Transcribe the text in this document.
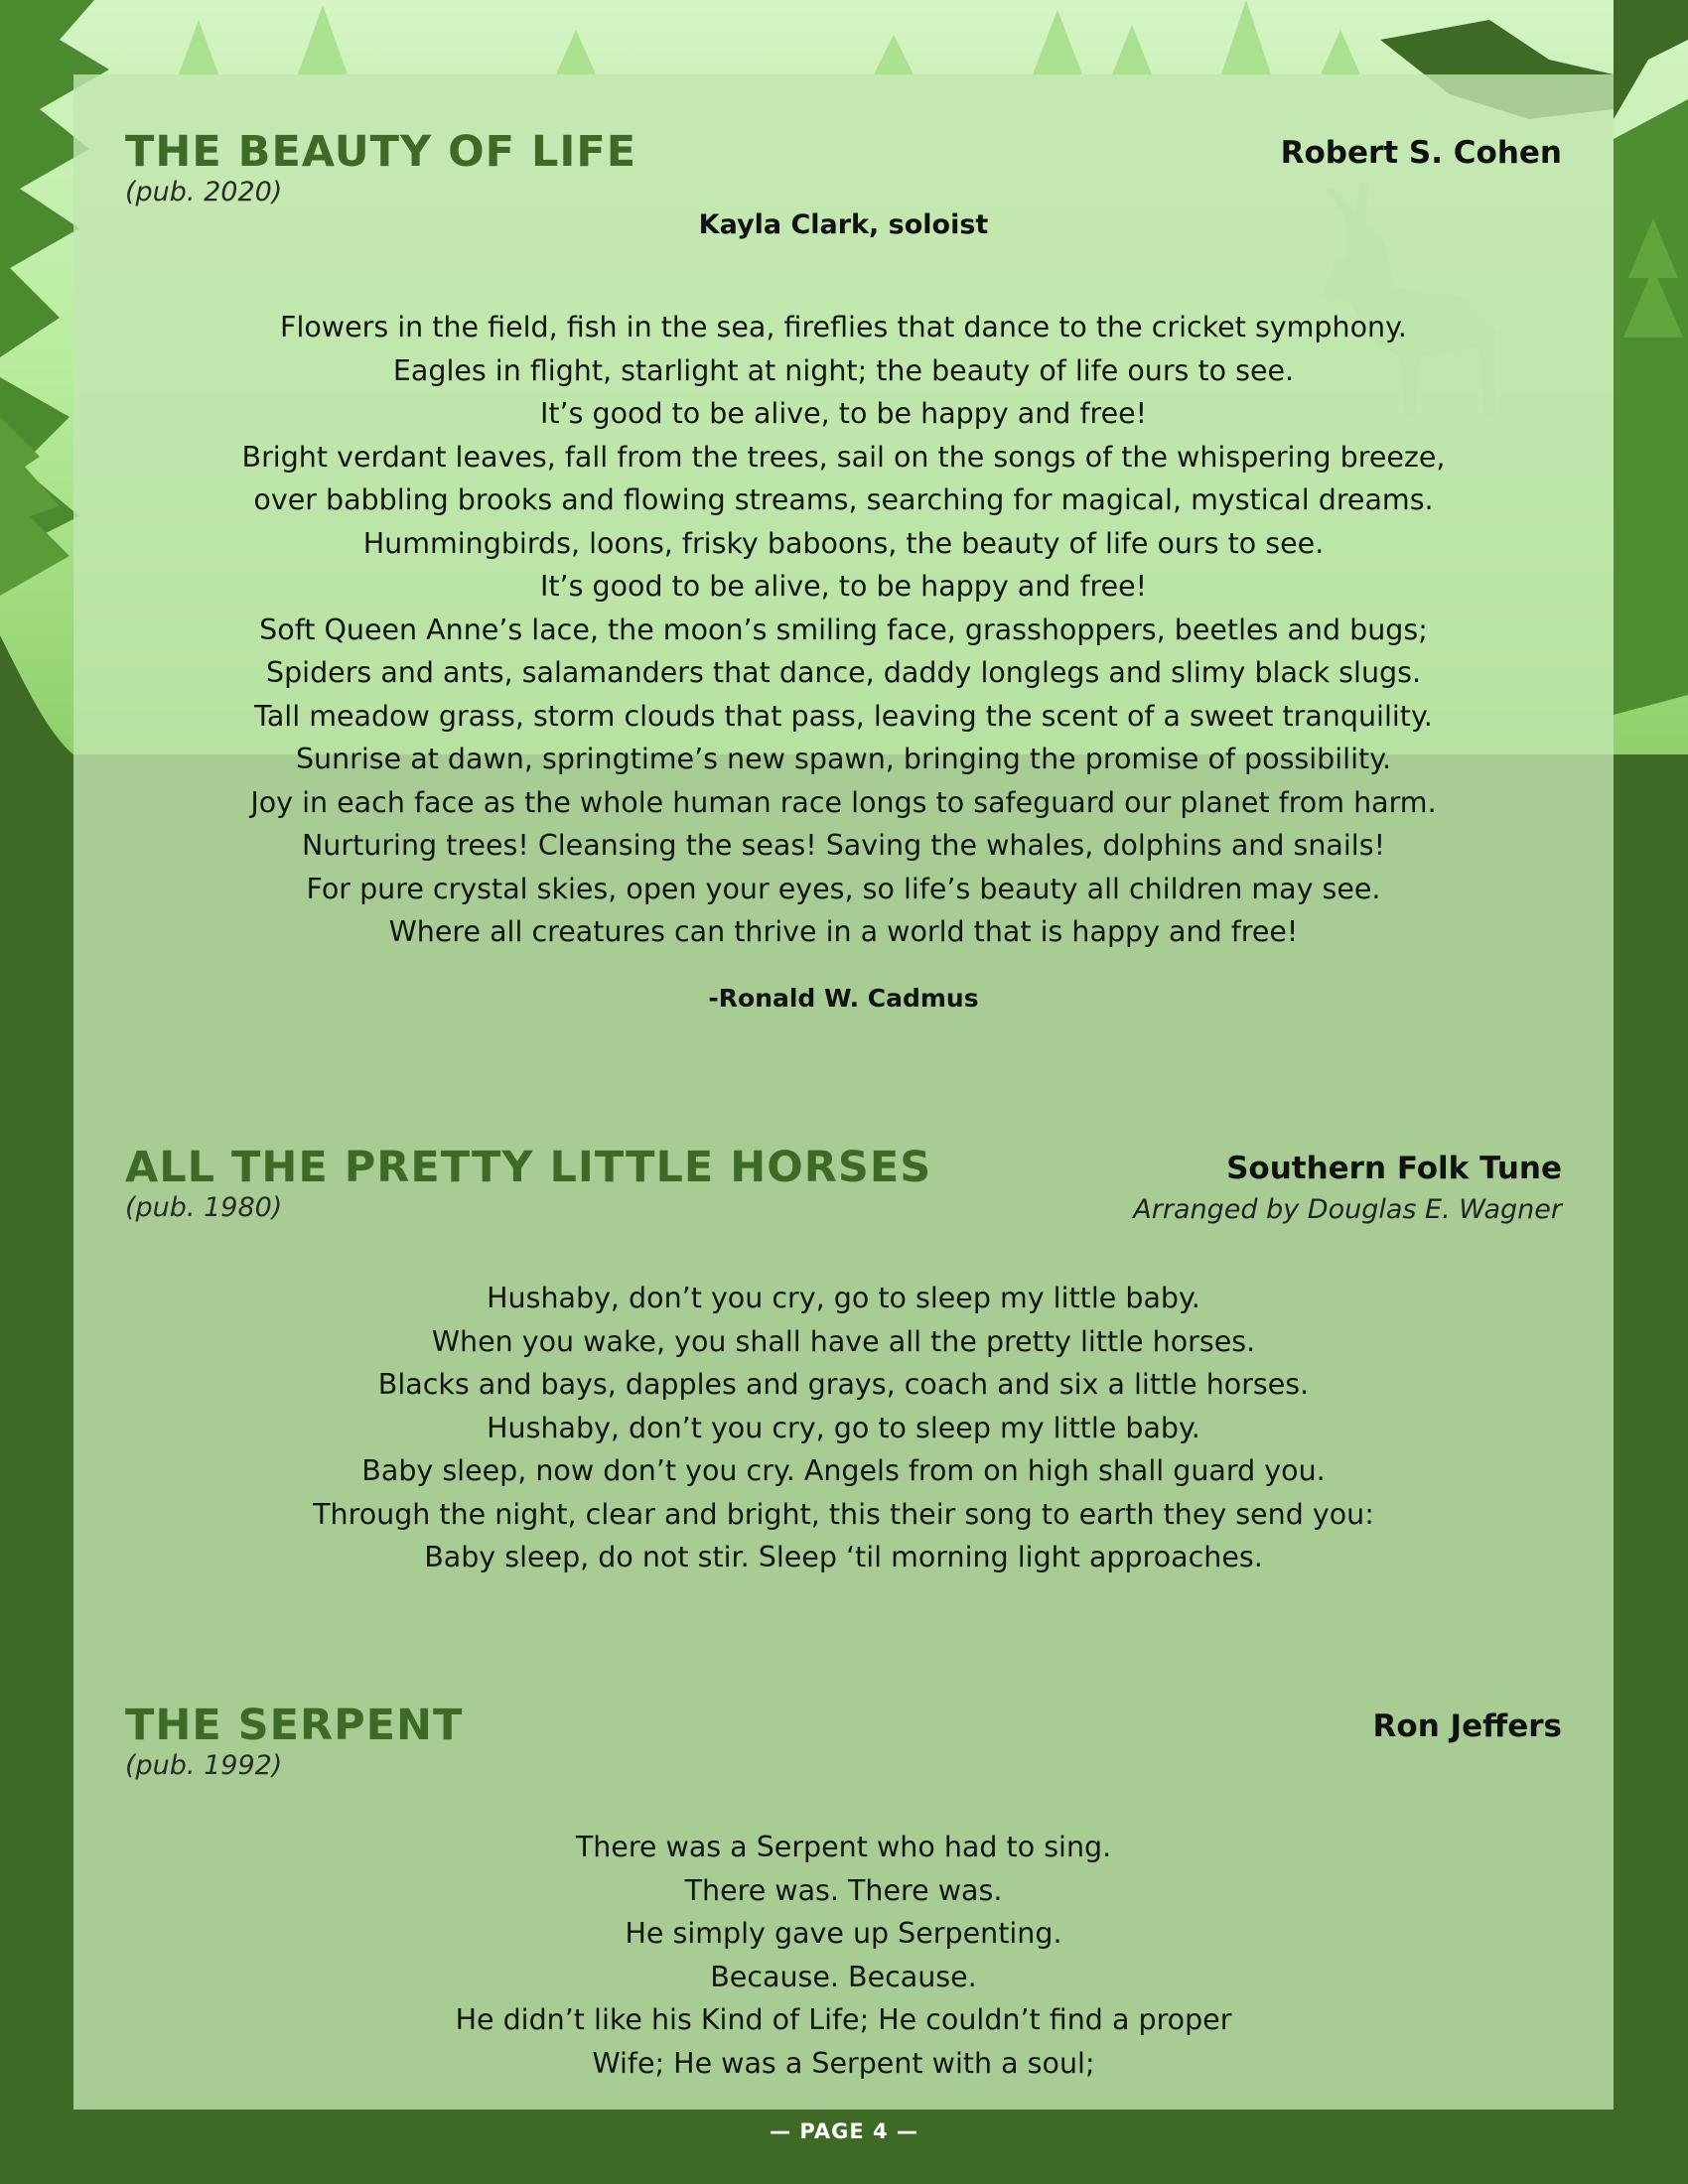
THE BEAUTY OF LIFE
(pub. 2020)
Robert S. Cohen
Kayla Clark, soloist
Flowers in the field, fish in the sea, fireflies that dance to the cricket symphony.
Eagles in flight, starlight at night; the beauty of life ours to see.
It’s good to be alive, to be happy and free!
Bright verdant leaves, fall from the trees, sail on the songs of the whispering breeze,
over babbling brooks and flowing streams, searching for magical, mystical dreams.
Hummingbirds, loons, frisky baboons, the beauty of life ours to see.
It’s good to be alive, to be happy and free!
Soft Queen Anne’s lace, the moon’s smiling face, grasshoppers, beetles and bugs;
Spiders and ants, salamanders that dance, daddy longlegs and slimy black slugs.
Tall meadow grass, storm clouds that pass, leaving the scent of a sweet tranquility.
Sunrise at dawn, springtime’s new spawn, bringing the promise of possibility.
Joy in each face as the whole human race longs to safeguard our planet from harm.
Nurturing trees! Cleansing the seas! Saving the whales, dolphins and snails!
For pure crystal skies, open your eyes, so life’s beauty all children may see.
Where all creatures can thrive in a world that is happy and free!
-Ronald W. Cadmus
ALL THE PRETTY LITTLE HORSES
(pub. 1980)
Southern Folk Tune
Arranged by Douglas E. Wagner
Hushaby, don’t you cry, go to sleep my little baby.
When you wake, you shall have all the pretty little horses.
Blacks and bays, dapples and grays, coach and six a little horses.
Hushaby, don’t you cry, go to sleep my little baby.
Baby sleep, now don’t you cry. Angels from on high shall guard you.
Through the night, clear and bright, this their song to earth they send you:
Baby sleep, do not stir. Sleep ‘til morning light approaches.
THE SERPENT
(pub. 1992)
Ron Jeffers
There was a Serpent who had to sing.
There was. There was.
He simply gave up Serpenting.
Because. Because.
He didn’t like his Kind of Life; He couldn’t find a proper
Wife; He was a Serpent with a soul;
— PAGE 4 —
